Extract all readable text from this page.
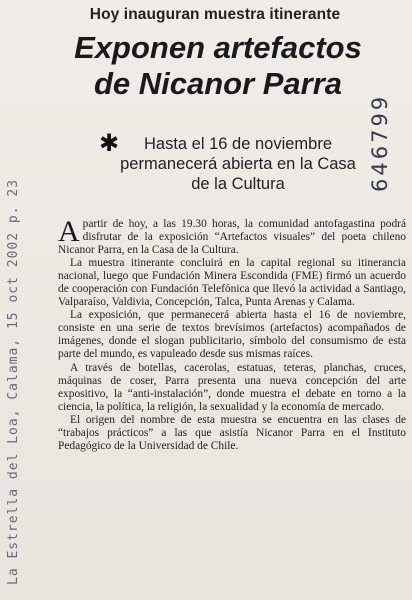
Hoy inauguran muestra itinerante
Exponen artefactos
de Nicanor Parra
✱	Hasta el 16 de noviembre permanecerá abierta en la Casa de la Cultura

A partir de hoy, a las 19.30 horas, la comunidad antofagastina podrá disfrutar de la exposición “Artefactos visuales” del poeta chileno Nicanor Parra, en la Casa de la Cultura.

La muestra itinerante concluirá en la capital regional su itinerancia nacional, luego que Fundación Minera Escondida (FME) firmó un acuerdo de cooperación con Fundación Telefónica que llevó la actividad a Santiago, Valparaíso, Valdivia, Concepción, Talca, Punta Arenas y Calama.

La exposición, que permanecerá abierta hasta el 16 de noviembre, consiste en una serie de textos brevísimos (artefactos) acompañados de imágenes, donde el slogan publicitario, símbolo del consumismo de esta parte del mundo, es vapuleado desde sus mismas raíces.

A través de botellas, cacerolas, estatuas, teteras, planchas, cruces, máquinas de coser, Parra presenta una nueva concepción del arte expositivo, la “anti-instalación”, donde muestra el debate en torno a la ciencia, la política, la religión, la sexualidad y la economía de mercado.

El origen del nombre de esta muestra se encuentra en las clases de “trabajos prácticos” a las que asistía Nicanor Parra en el Instituto Pedagógico de la Universidad de Chile.

La Estrella del Loa, Calama, 15 oct 2002 p. 23
646799
